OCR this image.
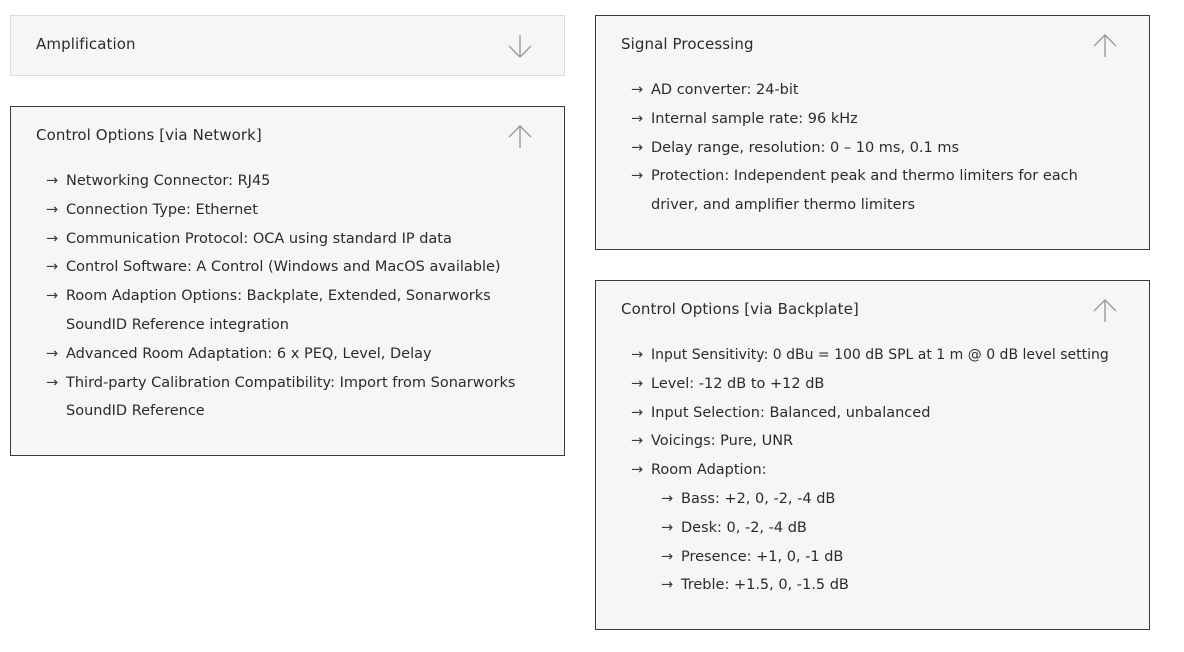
Amplification
Control Options [via Network]
→ Networking Connector: RJ45
→ Connection Type: Ethernet
→ Communication Protocol: OCA using standard IP data
→ Control Software: A Control (Windows and MacOS available)
→ Room Adaption Options: Backplate, Extended, Sonarworks SoundID Reference integration
→ Advanced Room Adaptation: 6 x PEQ, Level, Delay
→ Third-party Calibration Compatibility: Import from Sonarworks SoundID Reference
Signal Processing
→ AD converter: 24-bit
→ Internal sample rate: 96 kHz
→ Delay range, resolution: 0 – 10 ms, 0.1 ms
→ Protection: Independent peak and thermo limiters for each driver, and amplifier thermo limiters
Control Options [via Backplate]
→ Input Sensitivity: 0 dBu = 100 dB SPL at 1 m @ 0 dB level setting
→ Level: -12 dB to +12 dB
→ Input Selection: Balanced, unbalanced
→ Voicings: Pure, UNR
→ Room Adaption:
→ Bass: +2, 0, -2, -4 dB
→ Desk: 0, -2, -4 dB
→ Presence: +1, 0, -1 dB
→ Treble: +1.5, 0, -1.5 dB
